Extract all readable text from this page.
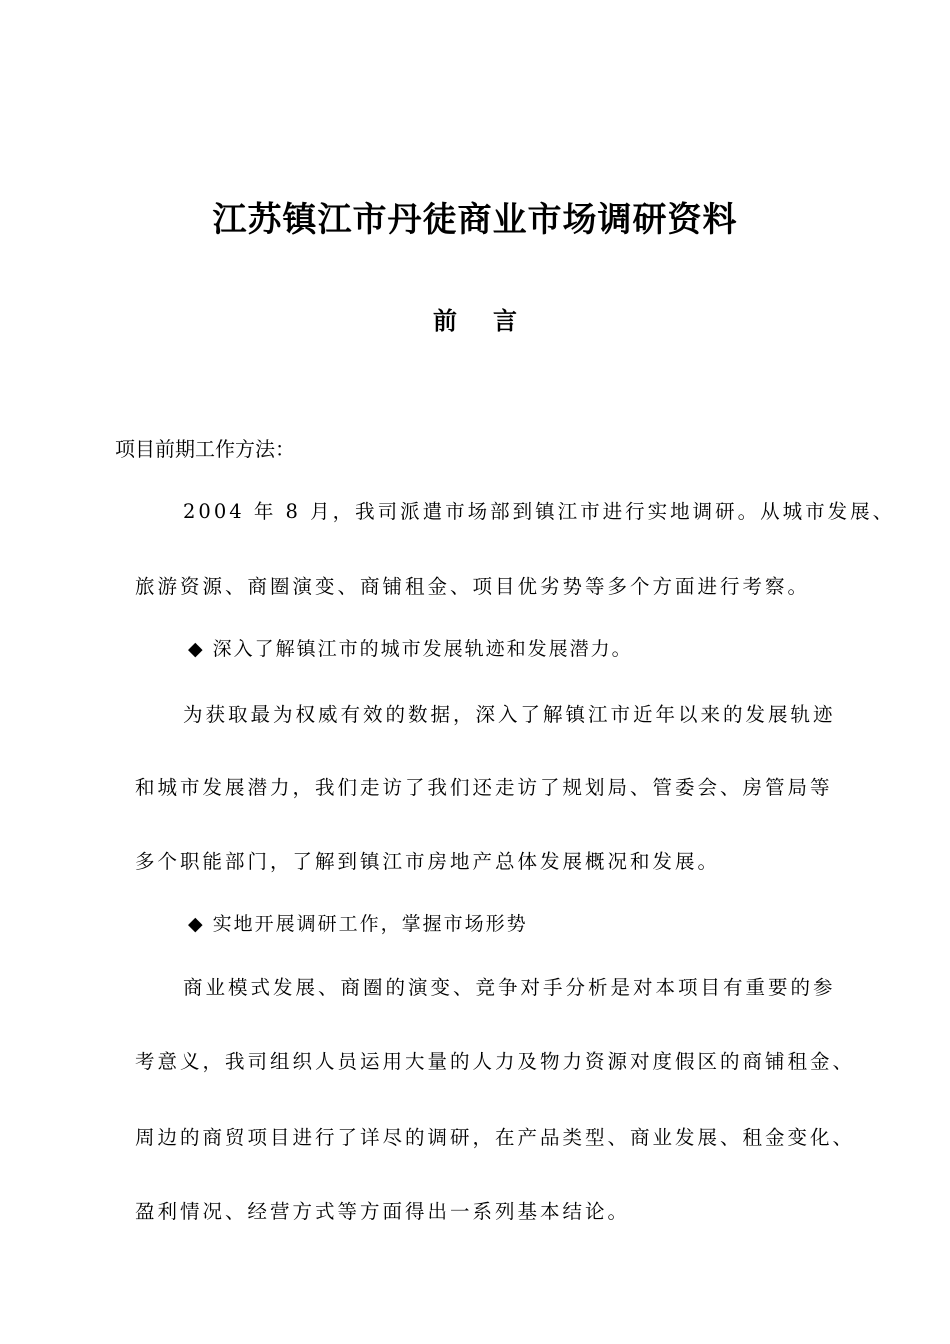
江苏镇江市丹徒商业市场调研资料
前言
项目前期工作方法：
2004 年 8 月，我司派遣市场部到镇江市进行实地调研。从城市发展、
旅游资源、商圈演变、商铺租金、项目优劣势等多个方面进行考察。
◆ 深入了解镇江市的城市发展轨迹和发展潜力。
为获取最为权威有效的数据，深入了解镇江市近年以来的发展轨迹
和城市发展潜力，我们走访了我们还走访了规划局、管委会、房管局等
多个职能部门，了解到镇江市房地产总体发展概况和发展。
◆ 实地开展调研工作，掌握市场形势
商业模式发展、商圈的演变、竞争对手分析是对本项目有重要的参
考意义，我司组织人员运用大量的人力及物力资源对度假区的商铺租金、
周边的商贸项目进行了详尽的调研，在产品类型、商业发展、租金变化、
盈利情况、经营方式等方面得出一系列基本结论。
